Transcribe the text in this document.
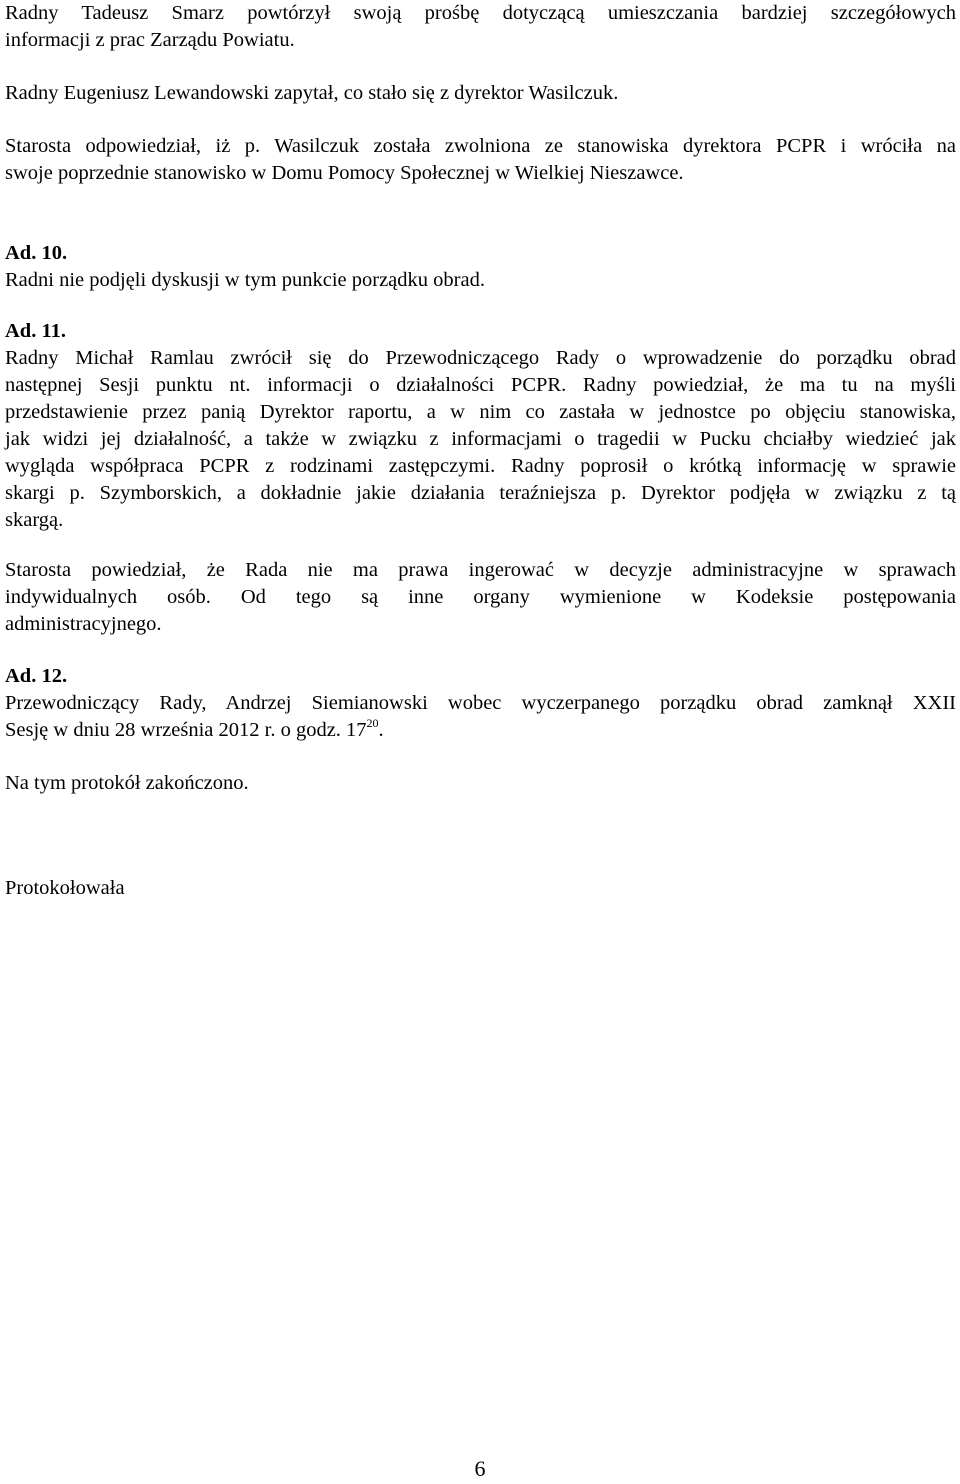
Radny Tadeusz Smarz powtórzył swoją prośbę dotyczącą umieszczania bardziej szczegółowych
informacji z prac Zarządu Powiatu.
Radny Eugeniusz Lewandowski zapytał, co stało się z dyrektor Wasilczuk.
Starosta odpowiedział, iż p. Wasilczuk została zwolniona ze stanowiska dyrektora PCPR i wróciła na
swoje poprzednie stanowisko w Domu Pomocy Społecznej w Wielkiej Nieszawce.
Ad. 10.
Radni nie podjęli dyskusji w tym punkcie porządku obrad.
Ad. 11.
Radny Michał Ramlau zwrócił się do Przewodniczącego Rady o wprowadzenie do porządku obrad
następnej Sesji punktu nt. informacji o działalności PCPR. Radny powiedział, że ma tu na myśli
przedstawienie przez panią Dyrektor raportu, a w nim co zastała w jednostce po objęciu stanowiska,
jak widzi jej działalność, a także w związku z informacjami o tragedii w Pucku chciałby wiedzieć jak
wygląda współpraca PCPR z rodzinami zastępczymi. Radny poprosił o krótką informację w sprawie
skargi p. Szymborskich, a dokładnie jakie działania teraźniejsza p. Dyrektor podjęła w związku z tą
skargą.
Starosta powiedział, że Rada nie ma prawa ingerować w decyzje administracyjne w sprawach
indywidualnych osób. Od tego są inne organy wymienione w Kodeksie postępowania
administracyjnego.
Ad. 12.
Przewodniczący Rady, Andrzej Siemianowski wobec wyczerpanego porządku obrad zamknął XXII
Sesję w dniu 28 września 2012 r. o godz. $17^{20}$.
Na tym protokół zakończono.
Protokołowała
6
